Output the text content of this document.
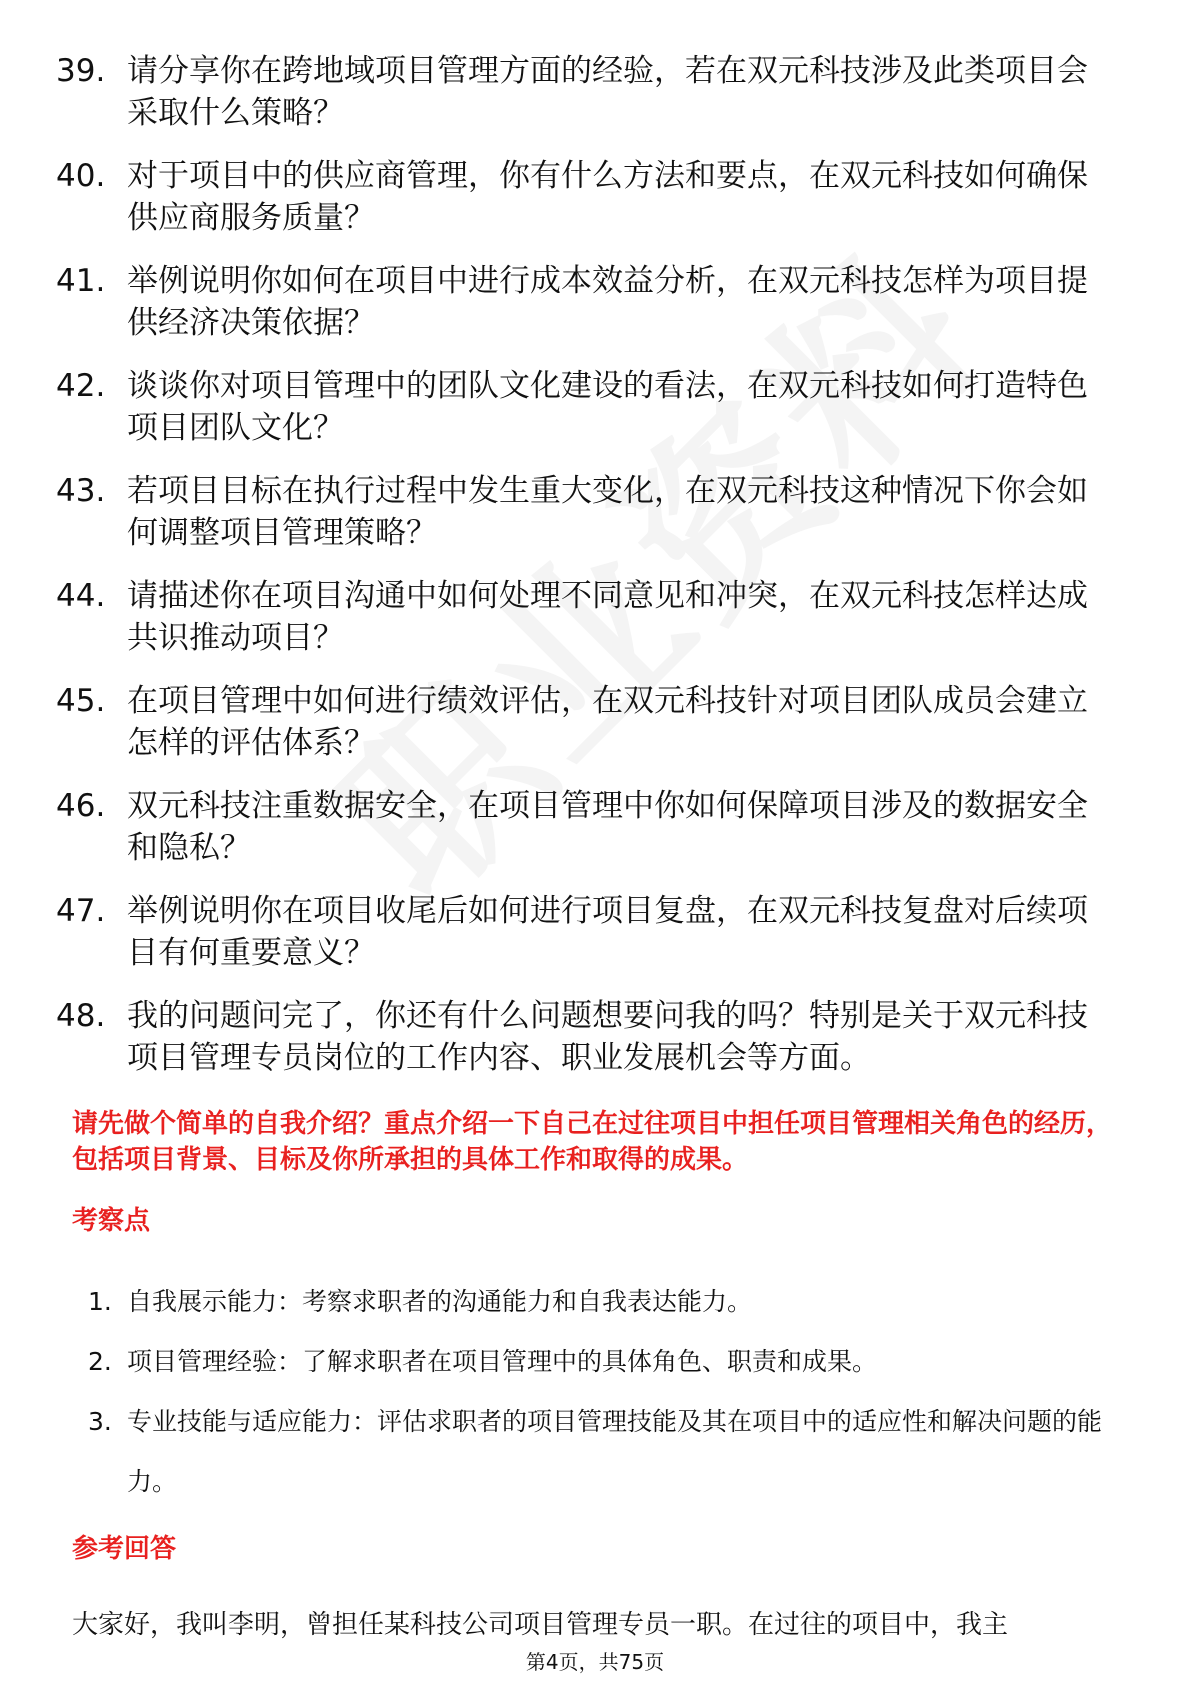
39. 请分享你在跨地域项目管理方面的经验，若在双元科技涉及此类项目会采取什么策略？
40. 对于项目中的供应商管理，你有什么方法和要点，在双元科技如何确保供应商服务质量？
41. 举例说明你如何在项目中进行成本效益分析，在双元科技怎样为项目提供经济决策依据？
42. 谈谈你对项目管理中的团队文化建设的看法，在双元科技如何打造特色项目团队文化？
43. 若项目目标在执行过程中发生重大变化，在双元科技这种情况下你会如何调整项目管理策略？
44. 请描述你在项目沟通中如何处理不同意见和冲突，在双元科技怎样达成共识推动项目？
45. 在项目管理中如何进行绩效评估，在双元科技针对项目团队成员会建立怎样的评估体系？
46. 双元科技注重数据安全，在项目管理中你如何保障项目涉及的数据安全和隐私？
47. 举例说明你在项目收尾后如何进行项目复盘，在双元科技复盘对后续项目有何重要意义？
48. 我的问题问完了，你还有什么问题想要问我的吗？特别是关于双元科技项目管理专员岗位的工作内容、职业发展机会等方面。
请先做个简单的自我介绍？重点介绍一下自己在过往项目中担任项目管理相关角色的经历，包括项目背景、目标及你所承担的具体工作和取得的成果。
考察点
1. 自我展示能力：考察求职者的沟通能力和自我表达能力。
2. 项目管理经验：了解求职者在项目管理中的具体角色、职责和成果。
3. 专业技能与适应能力：评估求职者的项目管理技能及其在项目中的适应性和解决问题的能力。
参考回答
大家好，我叫李明，曾担任某科技公司项目管理专员一职。在过往的项目中，我主
第4页，共75页
